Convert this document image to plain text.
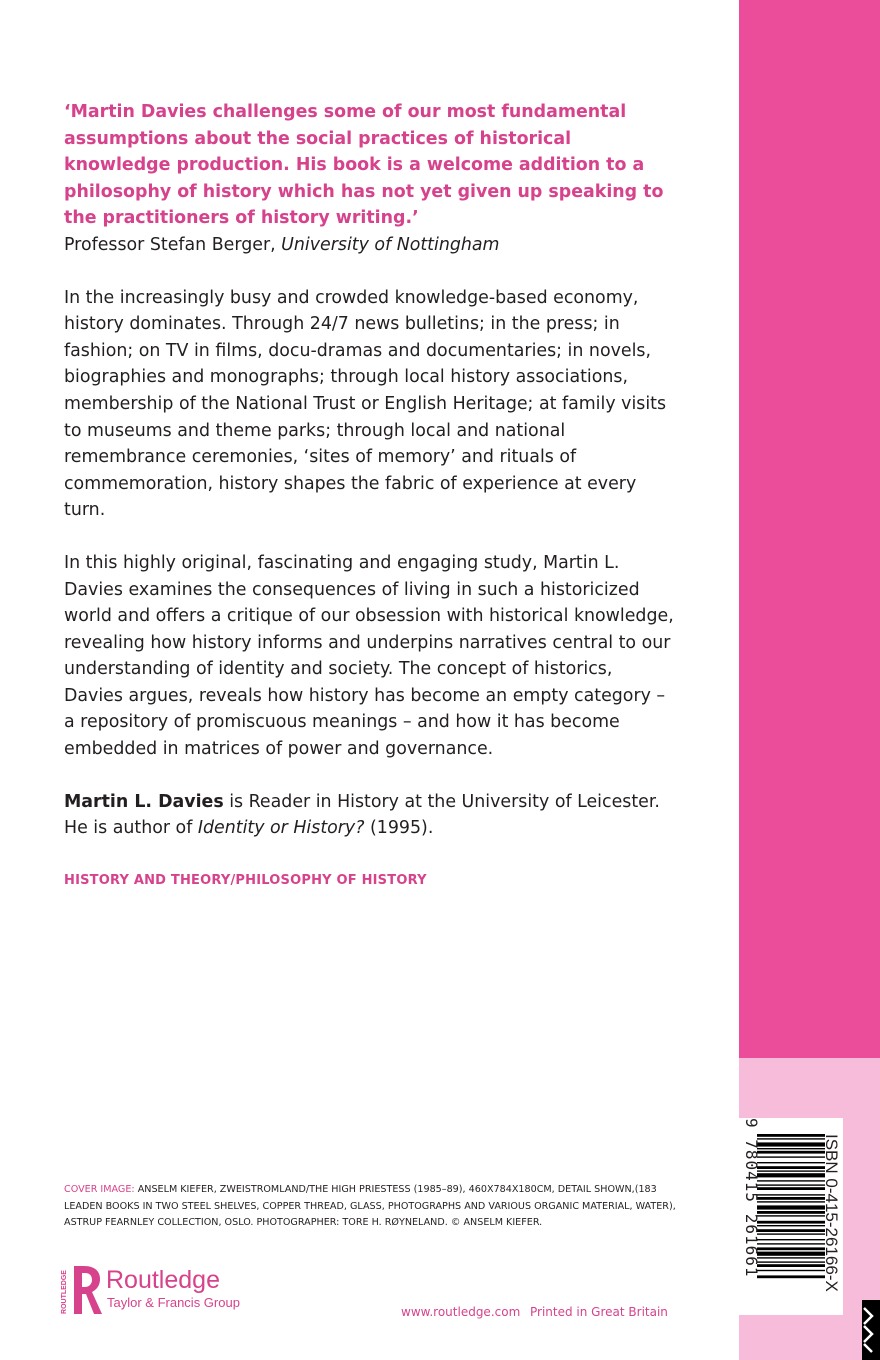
‘Martin Davies challenges some of our most fundamental assumptions about the social practices of historical knowledge production. His book is a welcome addition to a philosophy of history which has not yet given up speaking to the practitioners of history writing.’

Professor Stefan Berger, University of Nottingham

In the increasingly busy and crowded knowledge-based economy, history dominates. Through 24/7 news bulletins; in the press; in fashion; on TV in films, docu-dramas and documentaries; in novels, biographies and monographs; through local history associations, membership of the National Trust or English Heritage; at family visits to museums and theme parks; through local and national remembrance ceremonies, ‘sites of memory’ and rituals of commemoration, history shapes the fabric of experience at every turn.

In this highly original, fascinating and engaging study, Martin L. Davies examines the consequences of living in such a historicized world and offers a critique of our obsession with historical knowledge, revealing how history informs and underpins narratives central to our understanding of identity and society. The concept of historics, Davies argues, reveals how history has become an empty category – a repository of promiscuous meanings – and how it has become embedded in matrices of power and governance.

Martin L. Davies is Reader in History at the University of Leicester. He is author of Identity or History? (1995).

HISTORY AND THEORY/PHILOSOPHY OF HISTORY

COVER IMAGE: ANSELM KIEFER, ZWEISTROMLAND/THE HIGH PRIESTESS (1985–89), 460X784X180CM, DETAIL SHOWN,(183 LEADEN BOOKS IN TWO STEEL SHELVES, COPPER THREAD, GLASS, PHOTOGRAPHS AND VARIOUS ORGANIC MATERIAL, WATER), ASTRUP FEARNLEY COLLECTION, OSLO. PHOTOGRAPHER: TORE H. RØYNELAND. © ANSELM KIEFER.
ROUTLEDGE Routledge
Taylor & Francis Group
www.routledge.com Printed in Great Britain
9 780415 261661	ISBN 0-415-26166-X
